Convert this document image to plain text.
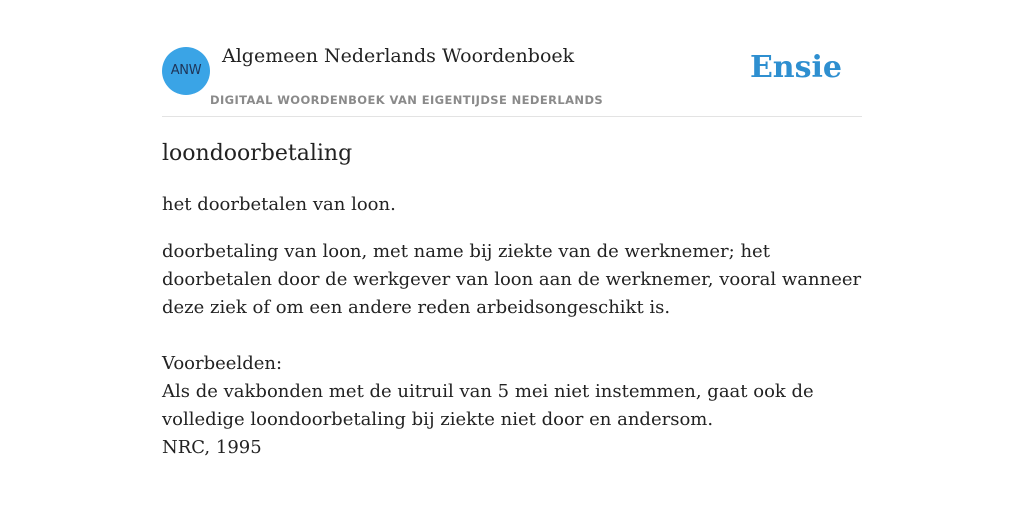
ANW
Algemeen Nederlands Woordenboek
DIGITAAL WOORDENBOEK VAN EIGENTIJDSE NEDERLANDS
Ensie
loondoorbetaling

het doorbetalen van loon.

doorbetaling van loon, met name bij ziekte van de werknemer; het doorbetalen door de werkgever van loon aan de werknemer, vooral wanneer deze ziek of om een andere reden arbeidsongeschikt is.

Voorbeelden:

Als de vakbonden met de uitruil van 5 mei niet instemmen, gaat ook de volledige loondoorbetaling bij ziekte niet door en andersom.

NRC, 1995
